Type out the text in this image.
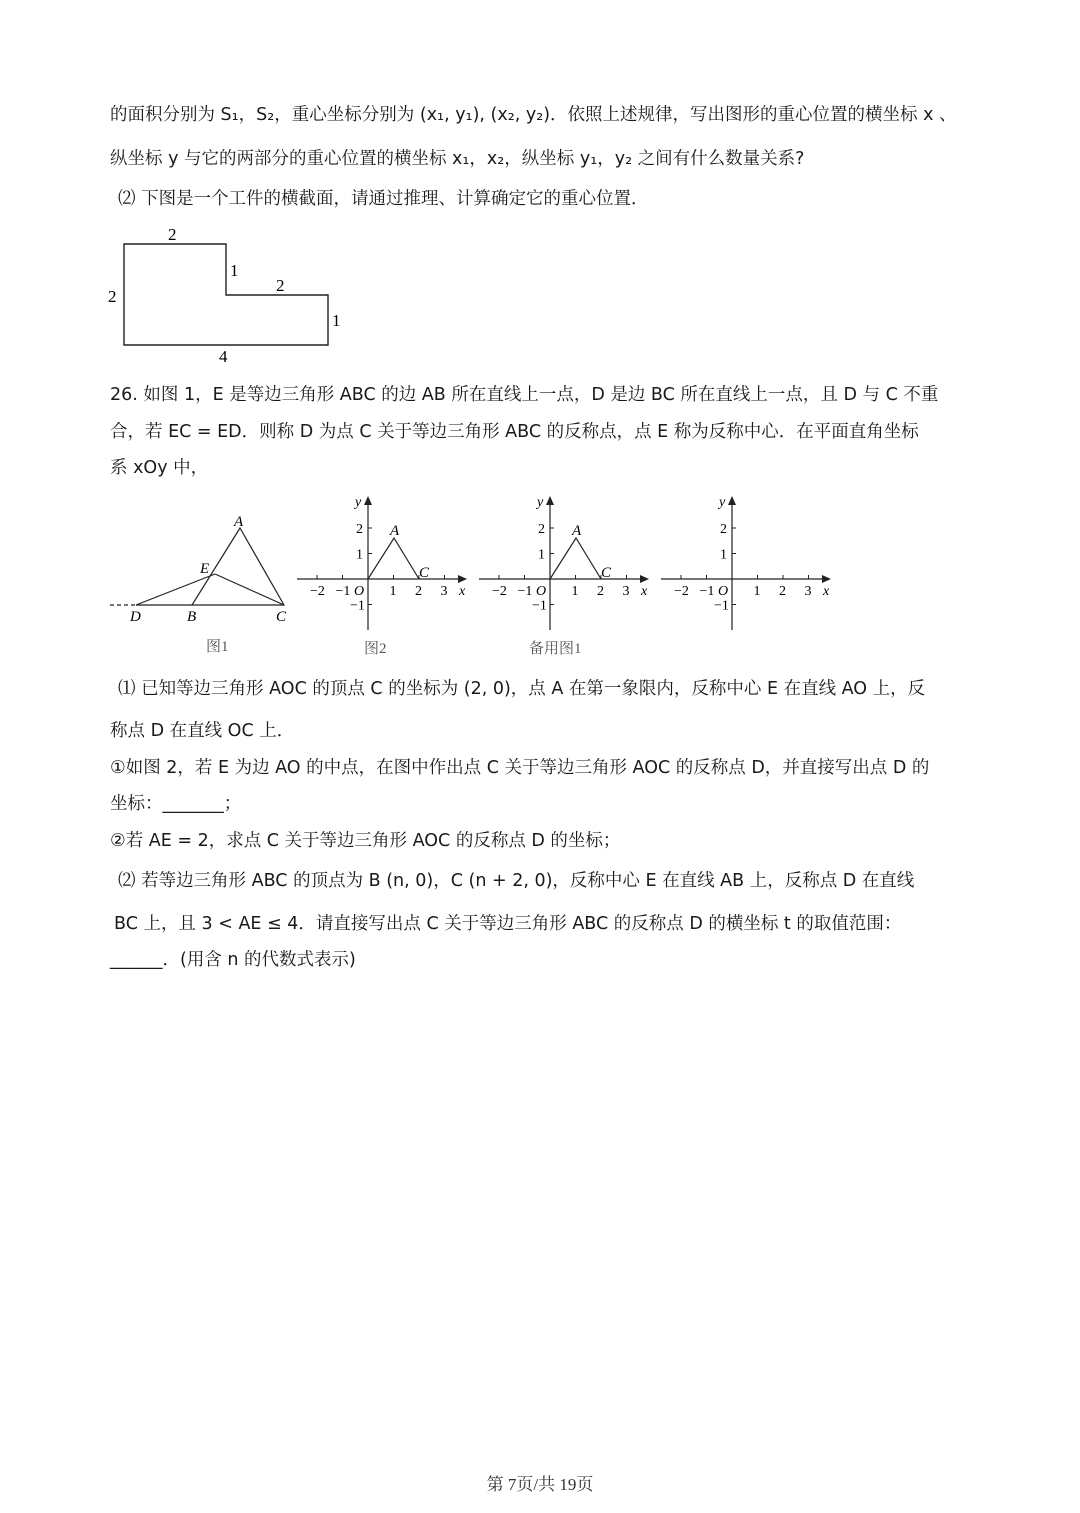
的面积分别为 S₁，S₂，重心坐标分别为 (x₁, y₁), (x₂, y₂)．依照上述规律，写出图形的重心位置的横坐标 x 、
纵坐标 y 与它的两部分的重心位置的横坐标 x₁，x₂，纵坐标 y₁，y₂ 之间有什么数量关系?
⑵ 下图是一个工件的横截面，请通过推理、计算确定它的重心位置．
2
2
1
2
1
4
26. 如图 1，E 是等边三角形 ABC 的边 AB 所在直线上一点，D 是边 BC 所在直线上一点，且 D 与 C 不重
合，若 EC = ED．则称 D 为点 C 关于等边三角形 ABC 的反称点，点 E 称为反称中心．在平面直角坐标
系 xOy 中，
A
E
D	B	C
图1
−2 −1	1 2 3
2
1
−1
O	x
y
A
C
图2
−2 −1	1 2 3
2
1
−1
O	x
y
A
C
备用图1
−2 −1	1 2 3
2
1
−1
O	x
y
⑴ 已知等边三角形 AOC 的顶点 C 的坐标为 (2, 0)，点 A 在第一象限内，反称中心 E 在直线 AO 上，反
称点 D 在直线 OC 上．
①如图 2，若 E 为边 AO 的中点，在图中作出点 C 关于等边三角形 AOC 的反称点 D，并直接写出点 D 的
坐标：_______；
②若 AE = 2，求点 C 关于等边三角形 AOC 的反称点 D 的坐标；
⑵ 若等边三角形 ABC 的顶点为 B (n, 0)，C (n + 2, 0)，反称中心 E 在直线 AB 上，反称点 D 在直线
BC 上，且 3 < AE ≤ 4．请直接写出点 C 关于等边三角形 ABC 的反称点 D 的横坐标 t 的取值范围：
______．(用含 n 的代数式表示)
第 7页/共 19页
